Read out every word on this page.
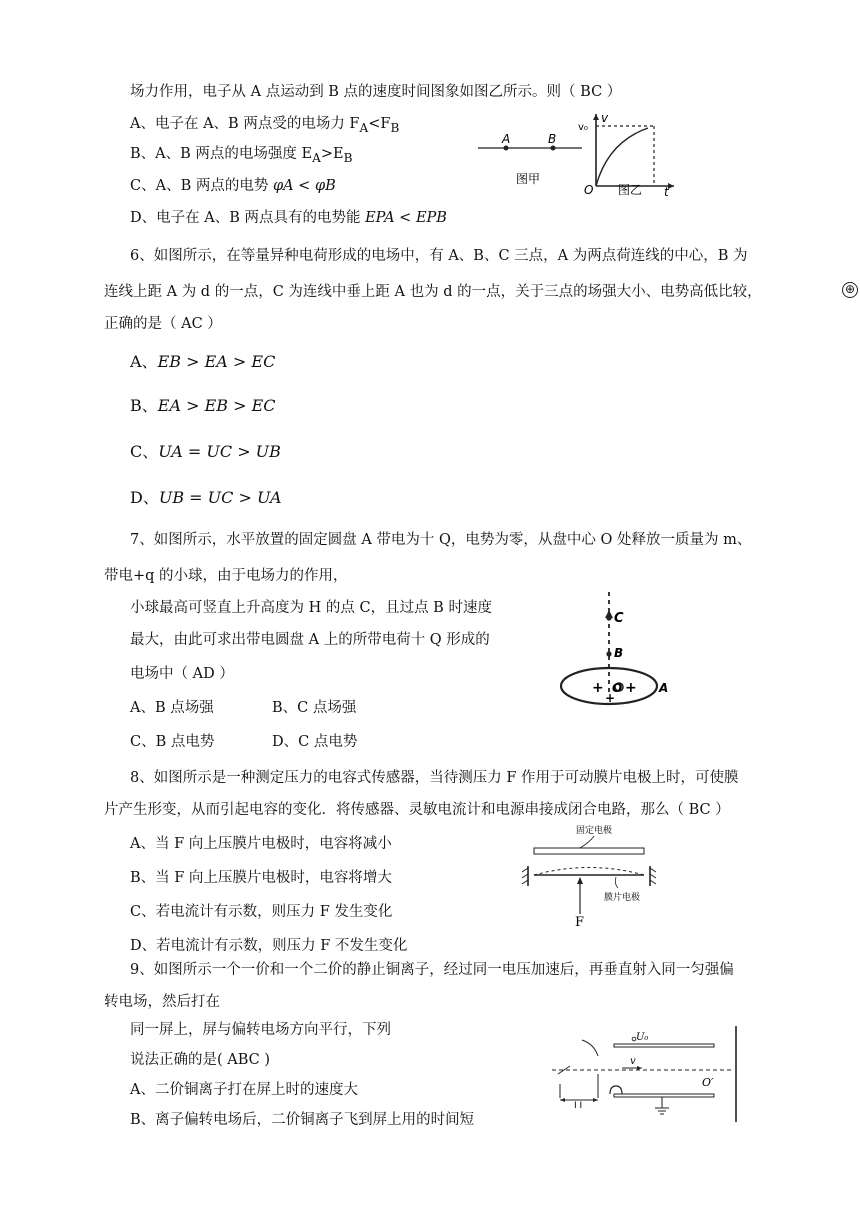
场力作用，电子从 A 点运动到 B 点的速度时间图象如图乙所示。则（ BC ）
A、电子在 A、B 两点受的电场力 $F_A<F_B$
B、A、B 两点的电场强度 $E_A>E_B$
C、A、B 两点的电势 φA < φB
D、电子在 A、B 两点具有的电势能 EPA < EPB
A	B
图甲
v
t
v₀
O 图乙
6、如图所示，在等量异种电荷形成的电场中，有 A、B、C 三点，A 为两点荷连线的中心，B 为
连线上距 A 为 d 的一点，C 为连线中垂上距 A 也为 d 的一点，关于三点的场强大小、电势高低比较，
正确的是（ AC ）
A、EB > EA > EC
B、EA > EB > EC
C、UA = UC > UB
D、UB = UC > UA
⊕
7、如图所示，水平放置的固定圆盘 A 带电为十 Q，电势为零，从盘中心 O 处释放一质量为 m、
带电+q 的小球，由于电场力的作用，
小球最高可竖直上升高度为 H 的点 C，且过点 B 时速度
最大，由此可求出带电圆盘 A 上的所带电荷十 Q 形成的
电场中（ AD ）
A、B 点场强	B、C 点场强
C、B 点电势	D、C 点电势
C
B
+ O +
+
A
8、如图所示是一种测定压力的电容式传感器，当待测压力 F 作用于可动膜片电极上时，可使膜
片产生形变，从而引起电容的变化．将传感器、灵敏电流计和电源串接成闭合电路，那么（ BC ）
A、当 F 向上压膜片电极时，电容将减小
B、当 F 向上压膜片电极时，电容将增大
C、若电流计有示数，则压力 F 发生变化
D、若电流计有示数，则压力 F 不发生变化
固定电极
膜片电极
F
9、如图所示一个一价和一个二价的静止铜离子，经过同一电压加速后，再垂直射入同一匀强偏
转电场，然后打在
同一屏上，屏与偏转电场方向平行，下列
说法正确的是( ABC )
A、二价铜离子打在屏上时的速度大
B、离子偏转电场后，二价铜离子飞到屏上用的时间短
U₀
v
O′
I I
